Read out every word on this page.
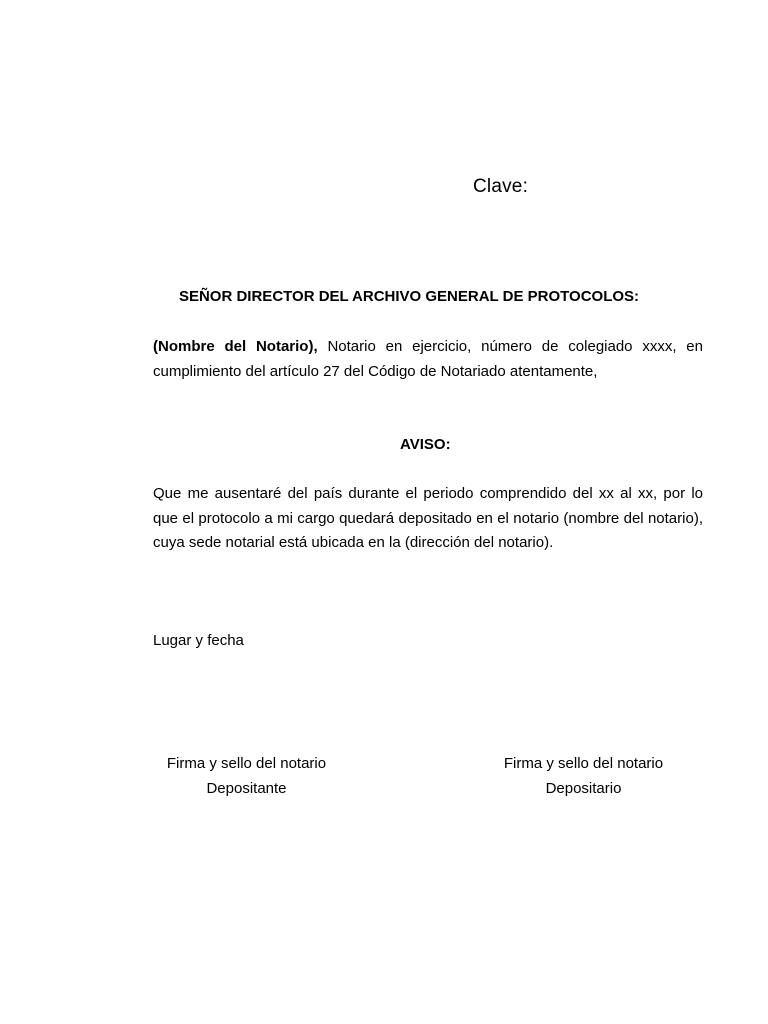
Clave:
SEÑOR DIRECTOR DEL ARCHIVO GENERAL DE PROTOCOLOS:
(Nombre del Notario), Notario en ejercicio, número de colegiado xxxx, en cumplimiento del artículo 27 del Código de Notariado atentamente,
AVISO:
Que me ausentaré del país durante el periodo comprendido del xx al xx, por lo que el protocolo a mi cargo quedará depositado en el notario (nombre del notario), cuya sede notarial está ubicada en la (dirección del notario).
Lugar y fecha
Firma y sello del notario
Depositante
Firma y sello del notario
Depositario
